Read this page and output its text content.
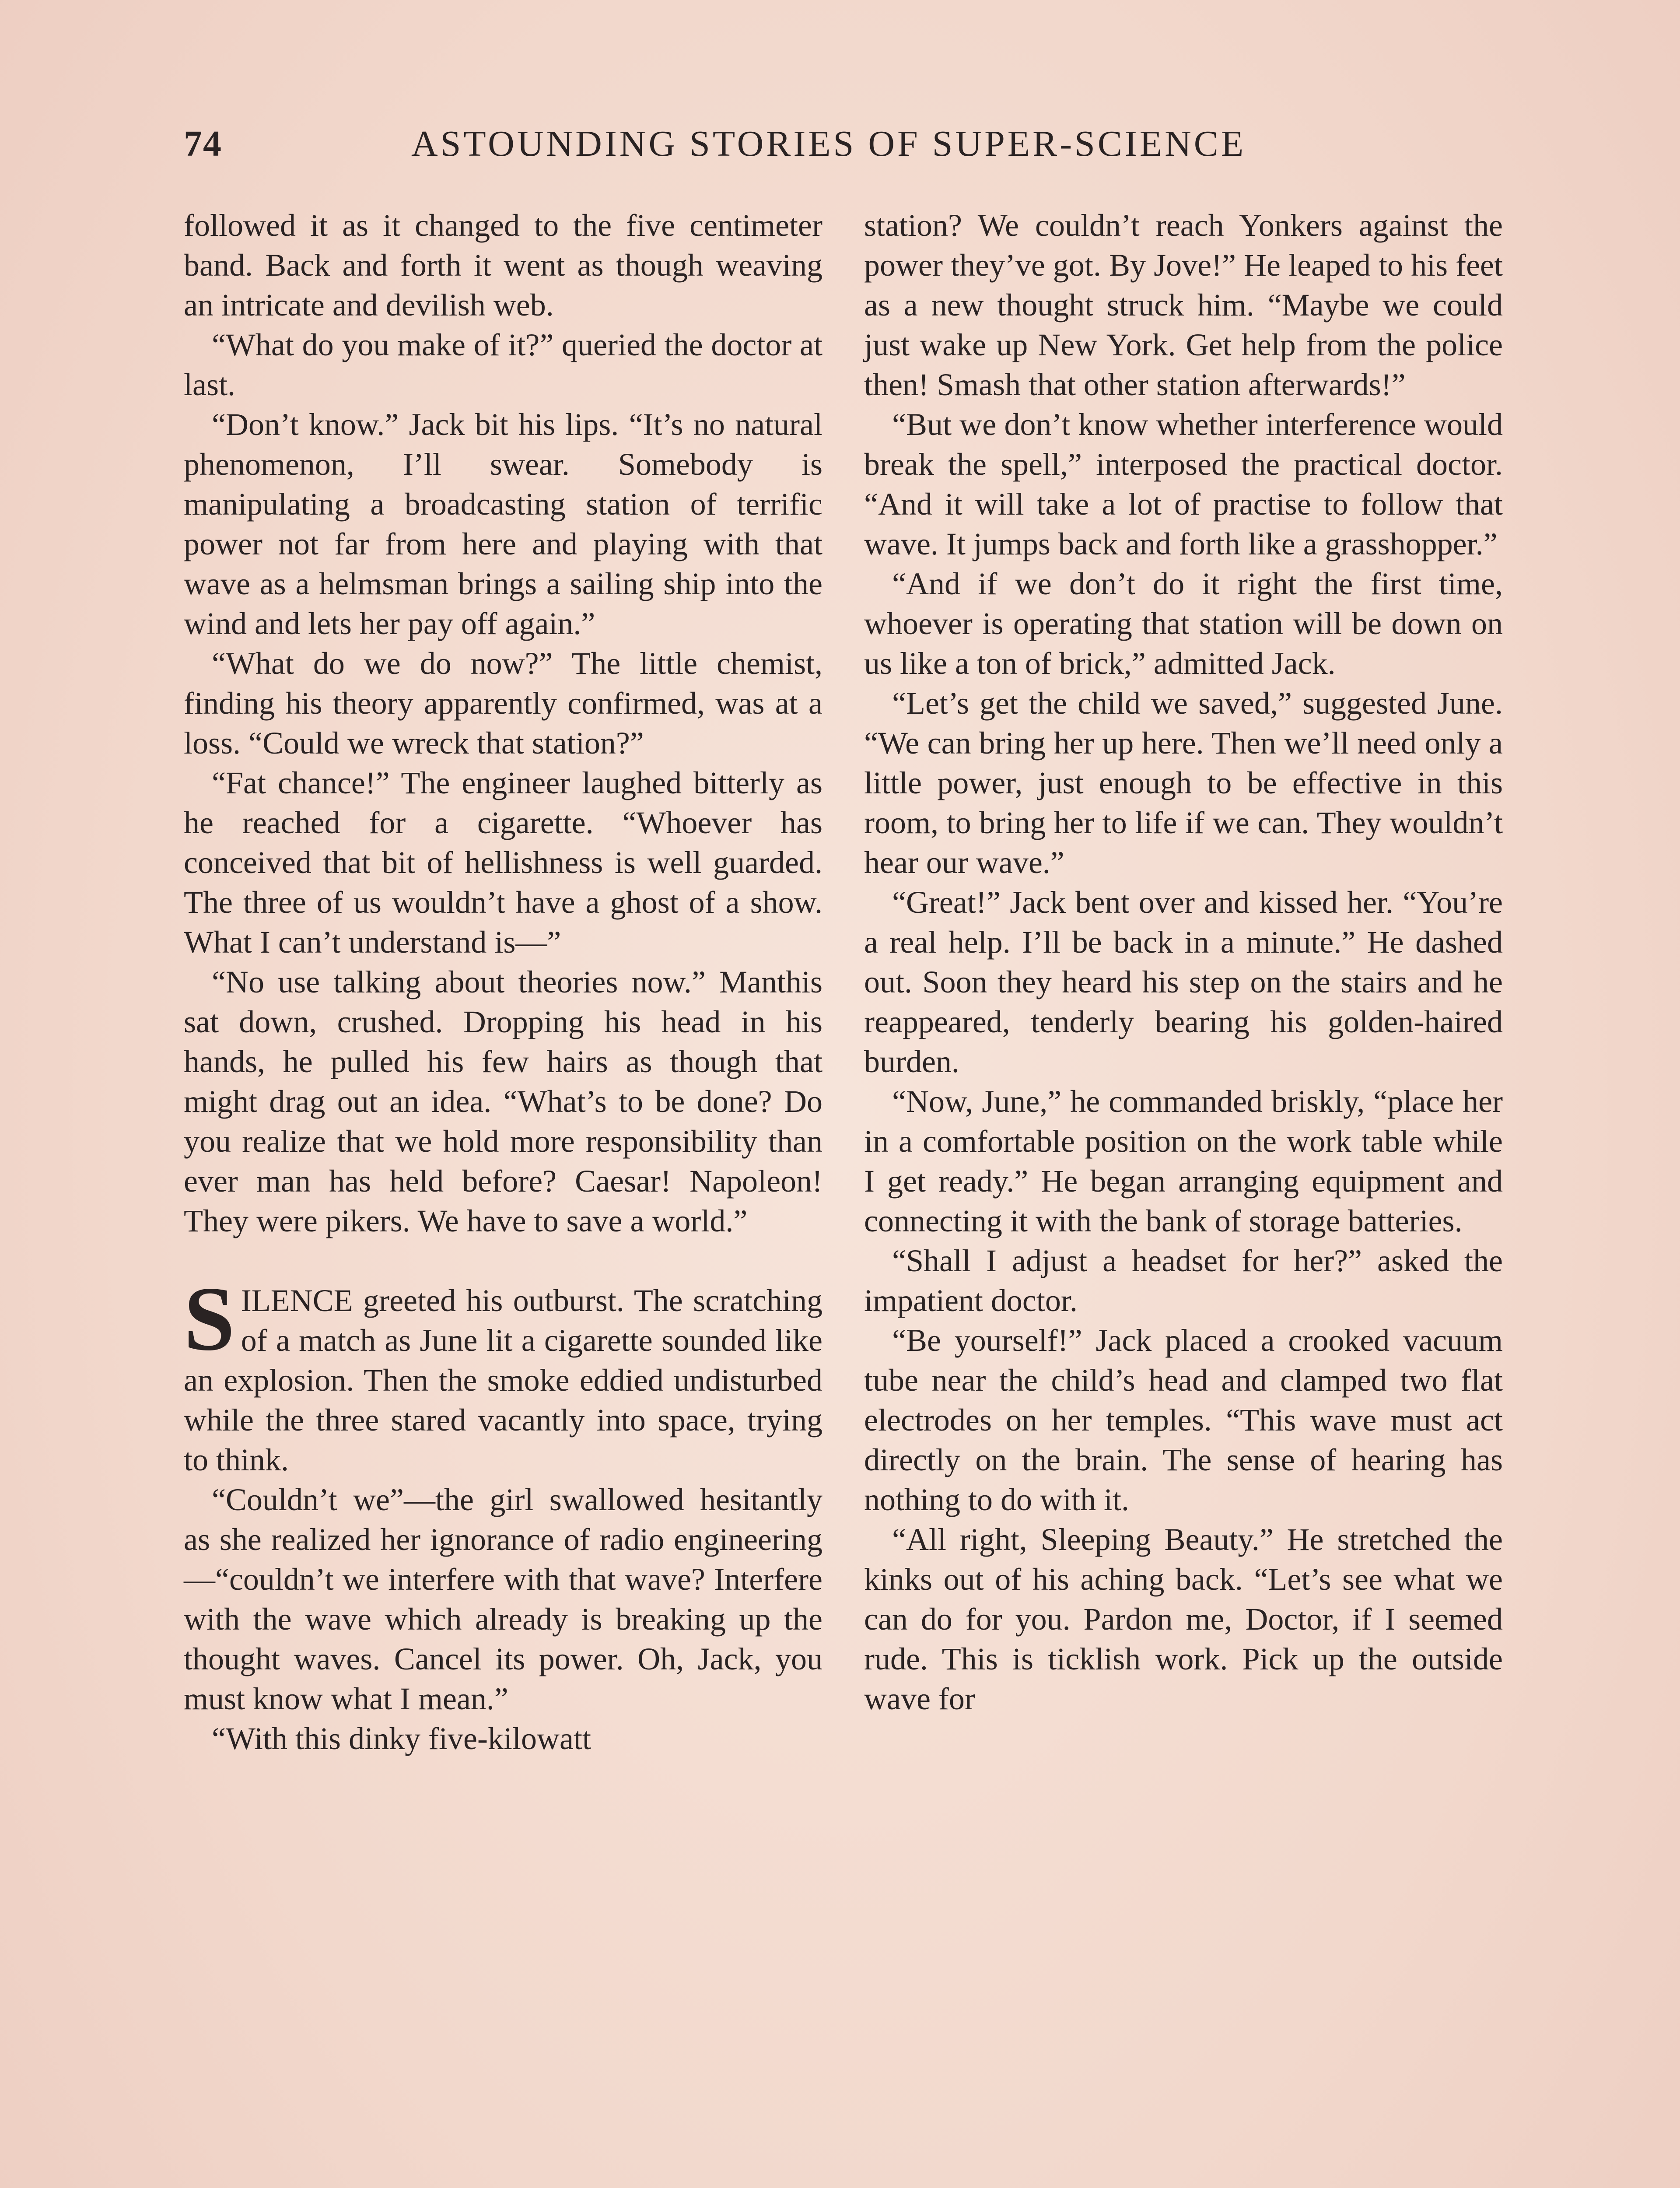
74	ASTOUNDING STORIES OF SUPER-SCIENCE

followed it as it changed to the five centimeter band. Back and forth it went as though weaving an intricate and devilish web.

“What do you make of it?” queried the doctor at last.

“Don’t know.” Jack bit his lips. “It’s no natural phenomenon, I’ll swear. Somebody is manipulating a broadcasting station of terrific power not far from here and playing with that wave as a helmsman brings a sailing ship into the wind and lets her pay off again.”

“What do we do now?” The little chemist, finding his theory apparently confirmed, was at a loss. “Could we wreck that station?”

“Fat chance!” The engineer laughed bitterly as he reached for a cigarette. “Whoever has conceived that bit of hellishness is well guarded. The three of us wouldn’t have a ghost of a show. What I can’t understand is—”

“No use talking about theories now.” Manthis sat down, crushed. Dropping his head in his hands, he pulled his few hairs as though that might drag out an idea. “What’s to be done? Do you realize that we hold more responsibility than ever man has held before? Caesar! Napoleon! They were pikers. We have to save a world.”

SILENCE greeted his outburst. The scratching of a match as June lit a cigarette sounded like an explosion. Then the smoke eddied undisturbed while the three stared vacantly into space, trying to think.

“Couldn’t we”—the girl swallowed hesitantly as she realized her ignorance of radio engineering—“couldn’t we interfere with that wave? Interfere with the wave which already is breaking up the thought waves. Cancel its power. Oh, Jack, you must know what I mean.”

“With this dinky five-kilowatt

station? We couldn’t reach Yonkers against the power they’ve got. By Jove!” He leaped to his feet as a new thought struck him. “Maybe we could just wake up New York. Get help from the police then! Smash that other station afterwards!”

“But we don’t know whether interference would break the spell,” interposed the practical doctor. “And it will take a lot of practise to follow that wave. It jumps back and forth like a grasshopper.”

“And if we don’t do it right the first time, whoever is operating that station will be down on us like a ton of brick,” admitted Jack.

“Let’s get the child we saved,” suggested June. “We can bring her up here. Then we’ll need only a little power, just enough to be effective in this room, to bring her to life if we can. They wouldn’t hear our wave.”

“Great!” Jack bent over and kissed her. “You’re a real help. I’ll be back in a minute.” He dashed out. Soon they heard his step on the stairs and he reappeared, tenderly bearing his golden-haired burden.

“Now, June,” he commanded briskly, “place her in a comfortable position on the work table while I get ready.” He began arranging equipment and connecting it with the bank of storage batteries.

“Shall I adjust a headset for her?” asked the impatient doctor.

“Be yourself!” Jack placed a crooked vacuum tube near the child’s head and clamped two flat electrodes on her temples. “This wave must act directly on the brain. The sense of hearing has nothing to do with it.

“All right, Sleeping Beauty.” He stretched the kinks out of his aching back. “Let’s see what we can do for you. Pardon me, Doctor, if I seemed rude. This is ticklish work. Pick up the outside wave for
